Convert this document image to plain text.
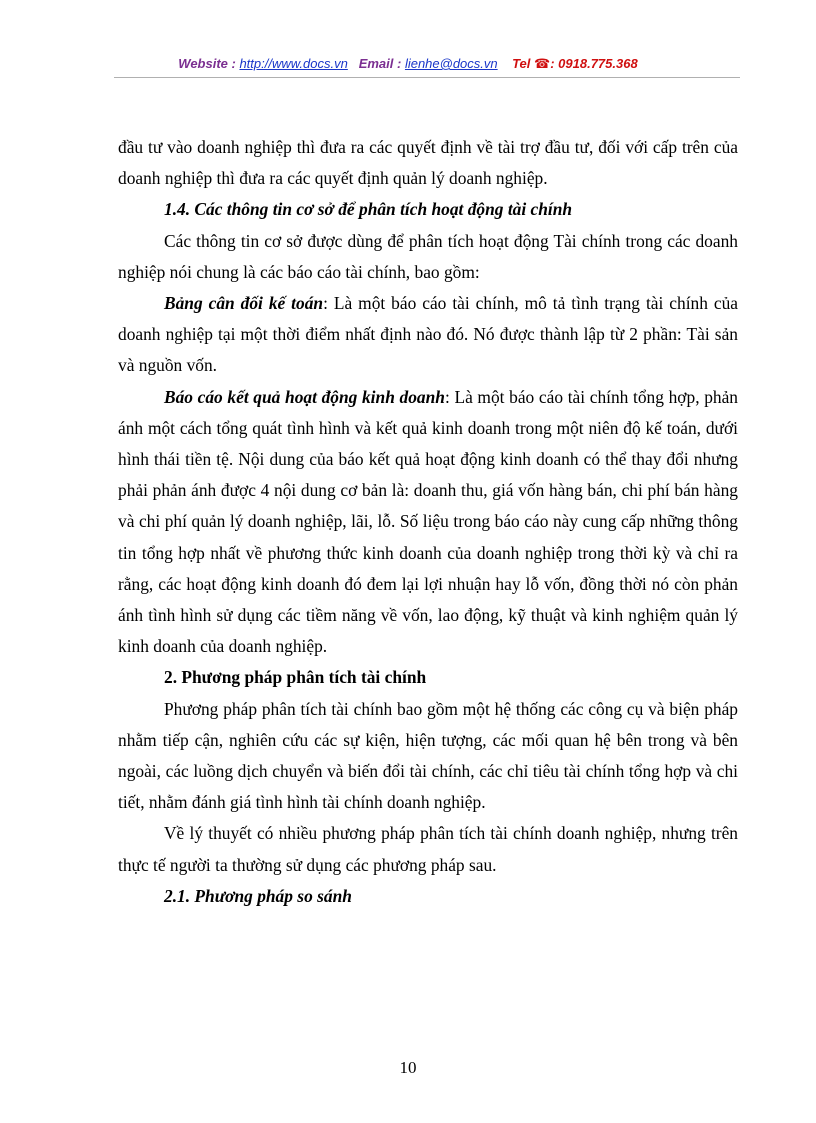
Website : http://www.docs.vn Email : lienhe@docs.vn Tel ☎: 0918.775.368

đầu tư vào doanh nghiệp thì đưa ra các quyết định về tài trợ đầu tư, đối với cấp trên của doanh nghiệp thì đưa ra các quyết định quản lý doanh nghiệp.

1.4. Các thông tin cơ sở để phân tích hoạt động tài chính

Các thông tin cơ sở được dùng để phân tích hoạt động Tài chính trong các doanh nghiệp nói chung là các báo cáo tài chính, bao gồm:

Bảng cân đối kế toán: Là một báo cáo tài chính, mô tả tình trạng tài chính của doanh nghiệp tại một thời điểm nhất định nào đó. Nó được thành lập từ 2 phần: Tài sản và nguồn vốn.

Báo cáo kết quả hoạt động kinh doanh: Là một báo cáo tài chính tổng hợp, phản ánh một cách tổng quát tình hình và kết quả kinh doanh trong một niên độ kế toán, dưới hình thái tiền tệ. Nội dung của báo kết quả hoạt động kinh doanh có thể thay đổi nhưng phải phản ánh được 4 nội dung cơ bản là: doanh thu, giá vốn hàng bán, chi phí bán hàng và chi phí quản lý doanh nghiệp, lãi, lỗ. Số liệu trong báo cáo này cung cấp những thông tin tổng hợp nhất về phương thức kinh doanh của doanh nghiệp trong thời kỳ và chỉ ra rằng, các hoạt động kinh doanh đó đem lại lợi nhuận hay lỗ vốn, đồng thời nó còn phản ánh tình hình sử dụng các tiềm năng về vốn, lao động, kỹ thuật và kinh nghiệm quản lý kinh doanh của doanh nghiệp.

2. Phương pháp phân tích tài chính

Phương pháp phân tích tài chính bao gồm một hệ thống các công cụ và biện pháp nhằm tiếp cận, nghiên cứu các sự kiện, hiện tượng, các mối quan hệ bên trong và bên ngoài, các luồng dịch chuyển và biến đổi tài chính, các chỉ tiêu tài chính tổng hợp và chi tiết, nhằm đánh giá tình hình tài chính doanh nghiệp.

Về lý thuyết có nhiều phương pháp phân tích tài chính doanh nghiệp, nhưng trên thực tế người ta thường sử dụng các phương pháp sau.

2.1. Phương pháp so sánh

10
